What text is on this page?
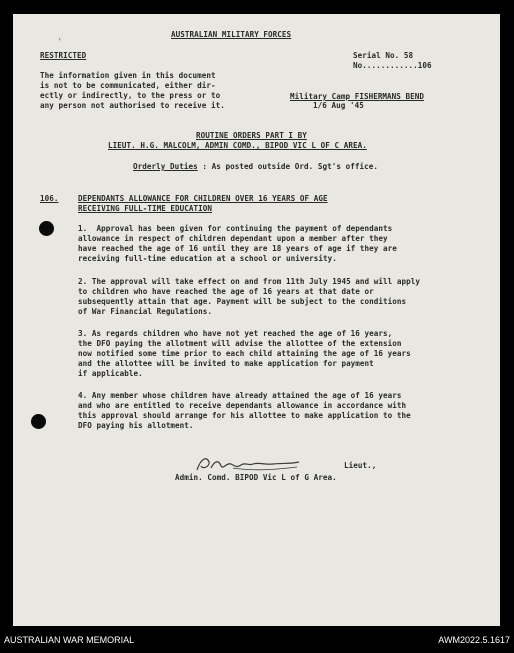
‹
AUSTRALIAN MILITARY FORCES
RESTRICTED	Serial No. 58
No............106
The information given in this document
is not to be communicated, either dir-
ectly or indirectly, to the press or to
any person not authorised to receive it.
Military Camp FISHERMANS BEND
1/6 Aug '45
ROUTINE ORDERS PART I BY
LIEUT. H.G. MALCOLM, ADMIN COMD., BIPOD VIC L OF C AREA.
Orderly Duties : As posted outside Ord. Sgt's office.
106.	DEPENDANTS ALLOWANCE FOR CHILDREN OVER 16 YEARS OF AGE
RECEIVING FULL-TIME EDUCATION
1.  Approval has been given for continuing the payment of dependants
allowance in respect of children dependant upon a member after they
have reached the age of 16 until they are 18 years of age if they are
receiving full-time education at a school or university.
2. The approval will take effect on and from 11th July 1945 and will apply
to children who have reached the age of 16 years at that date or
subsequently attain that age. Payment will be subject to the conditions
of War Financial Regulations.
3. As regards children who have not yet reached the age of 16 years,
the DFO paying the allotment will advise the allottee of the extension
now notified some time prior to each child attaining the age of 16 years
and the allottee will be invited to make application for payment
if applicable.
4. Any member whose children have already attained the age of 16 years
and who are entitled to receive dependants allowance in accordance with
this approval should arrange for his allottee to make application to the
DFO paying his allotment.
Lieut.,
Admin. Comd. BIPOD Vic L of G Area.
AUSTRALIAN WAR MEMORIAL	AWM2022.5.1617
